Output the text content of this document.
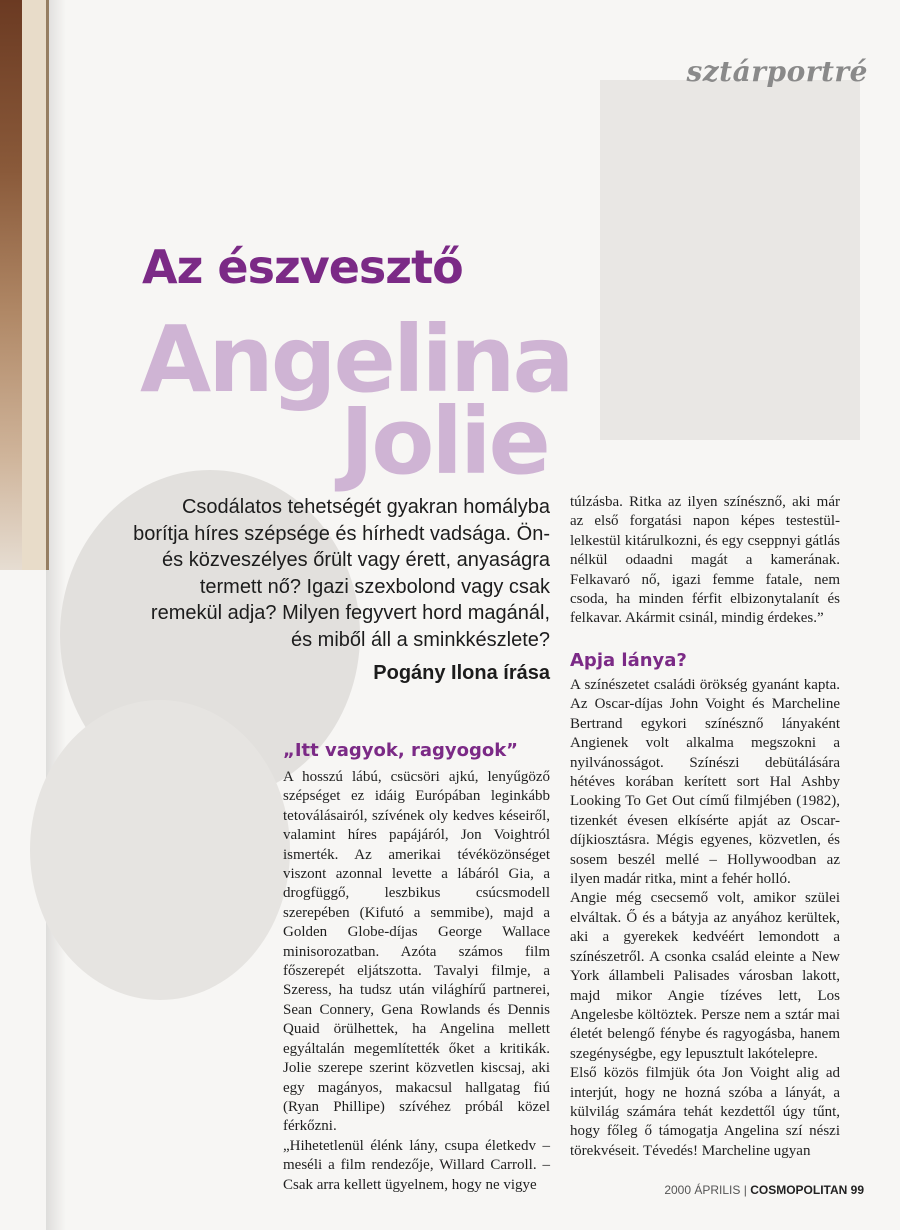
sztárportré
Az észvesztő
Angelina
Jolie

Csodálatos tehetségét gyakran homályba borítja híres szépsége és hírhedt vadsága. Ön- és közveszélyes őrült vagy érett, anyaságra termett nő? Igazi szexbolond vagy csak remekül adja? Milyen fegyvert hord magánál, és miből áll a sminkkészlete?

Pogány Ilona írása

„Itt vagyok, ragyogok”

A hosszú lábú, csücsöri ajkú, lenyűgöző szépséget ez idáig Európában leginkább tetoválásairól, szívének oly kedves késeiről, valamint híres papájáról, Jon Voightról ismerték. Az amerikai tévéközönséget viszont azonnal levette a lábáról Gia, a drogfüggő, leszbikus csúcsmodell szerepében (Kifutó a semmibe), majd a Golden Globe-díjas George Wallace minisorozatban. Azóta számos film főszerepét eljátszotta. Tavalyi filmje, a Szeress, ha tudsz után világhírű partnerei, Sean Connery, Gena Rowlands és Dennis Quaid örülhettek, ha Angelina mellett egyáltalán megemlítették őket a kritikák. Jolie szerepe szerint közvetlen kiscsaj, aki egy magányos, makacsul hallgatag fiú (Ryan Phillipe) szívéhez próbál közel férkőzni.

„Hihetetlenül élénk lány, csupa életkedv – meséli a film rendezője, Willard Carroll. – Csak arra kellett ügyelnem, hogy ne vigye

túlzásba. Ritka az ilyen színésznő, aki már az első forgatási napon képes testestül-lelkestül kitárulkozni, és egy cseppnyi gátlás nélkül odaadni magát a kamerának. Felkavaró nő, igazi femme fatale, nem csoda, ha minden férfit elbizonytalanít és felkavar. Akármit csinál, mindig érdekes.”

Apja lánya?

A színészetet családi örökség gyanánt kapta. Az Oscar-díjas John Voight és Marcheline Bertrand egykori színésznő lányaként Angienek volt alkalma megszokni a nyilvánosságot. Színészi debütálására hétéves korában kerített sort Hal Ashby Looking To Get Out című filmjében (1982), tizenkét évesen elkísérte apját az Oscar-díjkiosztásra. Mégis egyenes, közvetlen, és sosem beszél mellé – Hollywoodban az ilyen madár ritka, mint a fehér holló.

Angie még csecsemő volt, amikor szülei elváltak. Ő és a bátyja az anyához kerültek, aki a gyerekek kedvéért lemondott a színészetről. A csonka család eleinte a New York állambeli Palisades városban lakott, majd mikor Angie tízéves lett, Los Angelesbe költöztek. Persze nem a sztár mai életét belengő fénybe és ragyogásba, hanem szegénységbe, egy lepusztult lakótelepre.

Első közös filmjük óta Jon Voight alig ad interjút, hogy ne hozná szóba a lányát, a külvilág számára tehát kezdettől úgy tűnt, hogy főleg ő támogatja Angelina szí nészi törekvéseit. Tévedés! Marcheline ugyan

2000 ÁPRILIS | COSMOPOLITAN 99
